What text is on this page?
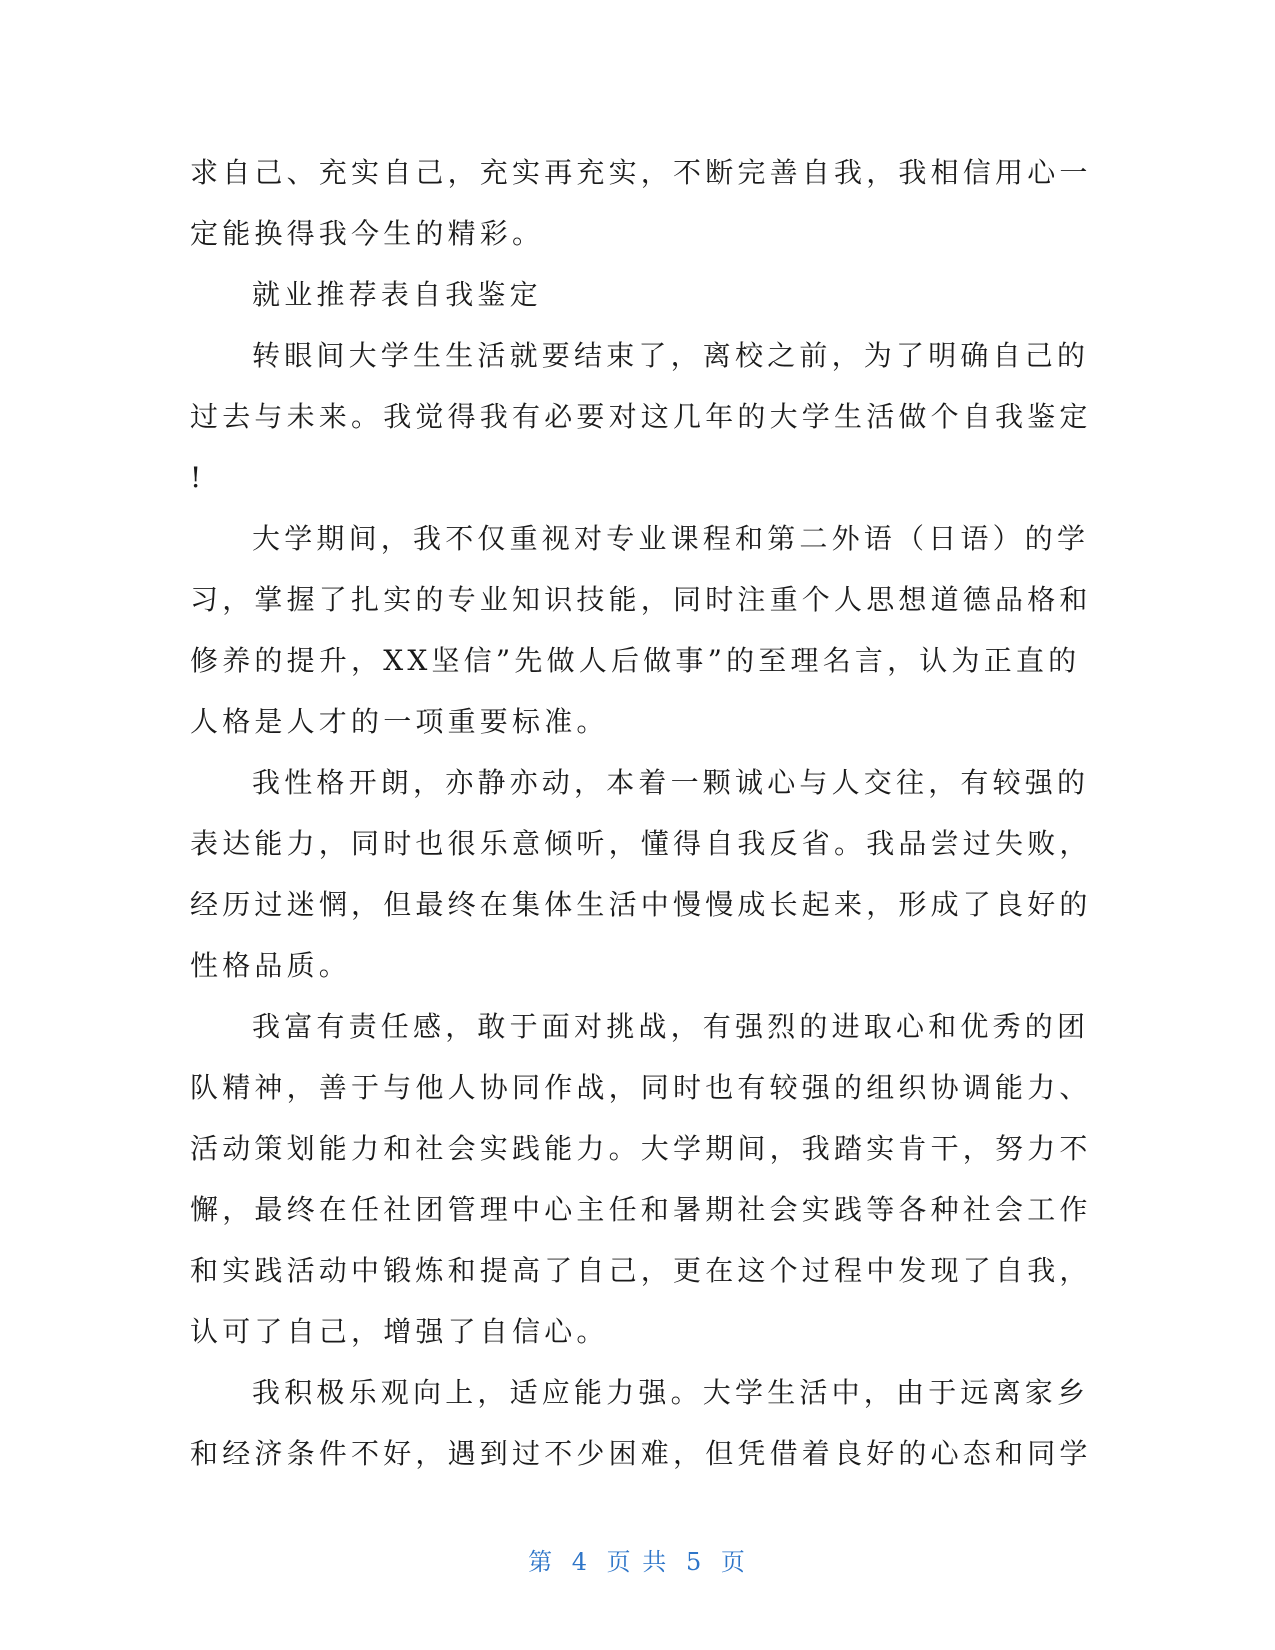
求自己、充实自己，充实再充实，不断完善自我，我相信用心一
定能换得我今生的精彩。
就业推荐表自我鉴定
转眼间大学生生活就要结束了，离校之前，为了明确自己的
过去与未来。我觉得我有必要对这几年的大学生活做个自我鉴定
!
大学期间，我不仅重视对专业课程和第二外语（日语）的学
习，掌握了扎实的专业知识技能，同时注重个人思想道德品格和
修养的提升，XX坚信”先做人后做事”的至理名言，认为正直的
人格是人才的一项重要标准。
我性格开朗，亦静亦动，本着一颗诚心与人交往，有较强的
表达能力，同时也很乐意倾听，懂得自我反省。我品尝过失败，
经历过迷惘，但最终在集体生活中慢慢成长起来，形成了良好的
性格品质。
我富有责任感，敢于面对挑战，有强烈的进取心和优秀的团
队精神，善于与他人协同作战，同时也有较强的组织协调能力、
活动策划能力和社会实践能力。大学期间，我踏实肯干，努力不
懈，最终在任社团管理中心主任和暑期社会实践等各种社会工作
和实践活动中锻炼和提高了自己，更在这个过程中发现了自我，
认可了自己，增强了自信心。
我积极乐观向上，适应能力强。大学生活中，由于远离家乡
和经济条件不好，遇到过不少困难，但凭借着良好的心态和同学
第 4 页 共 5 页
